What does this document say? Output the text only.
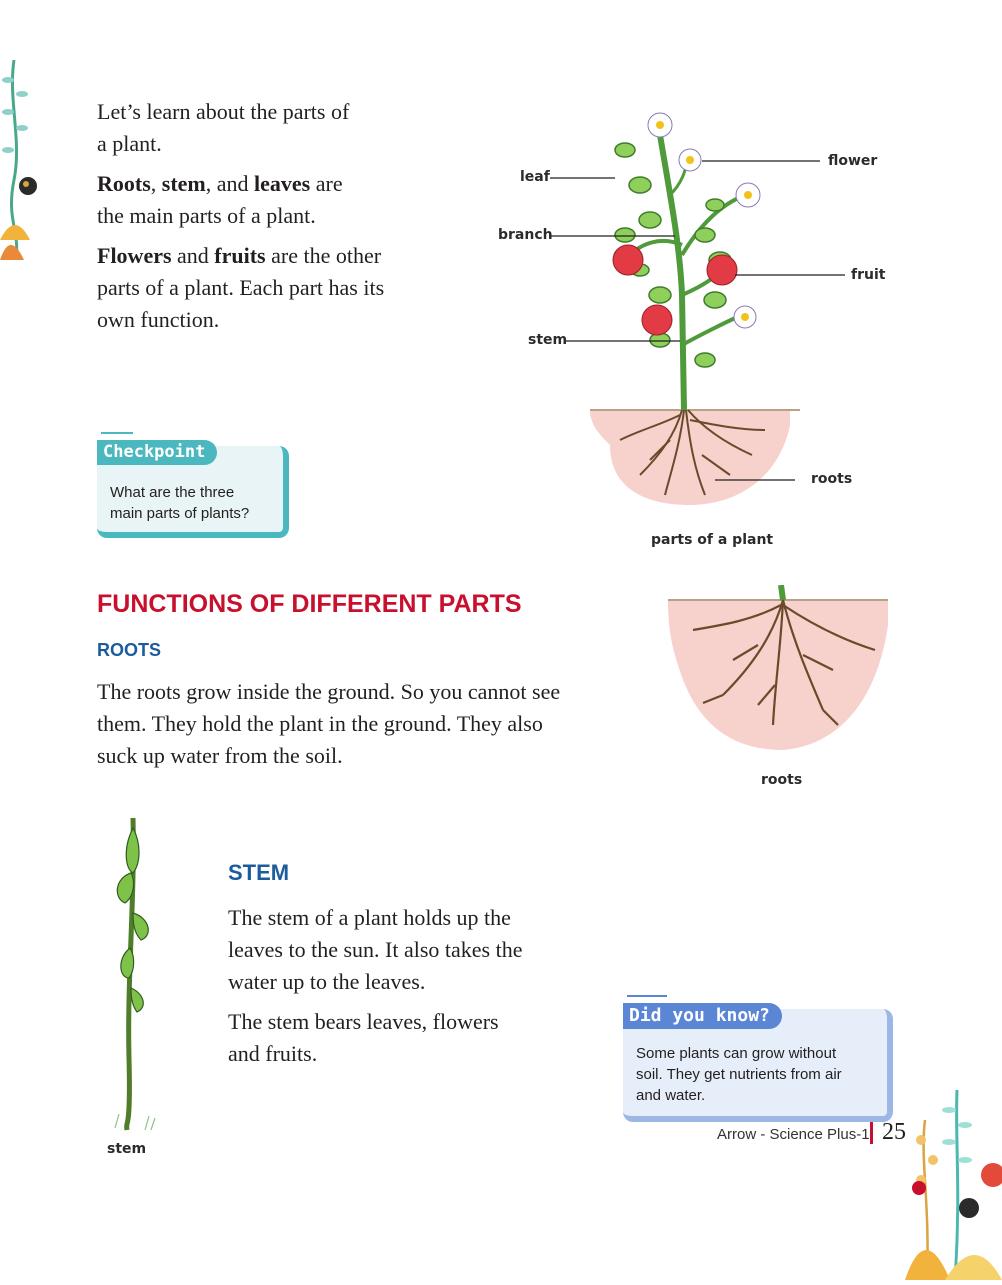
Let’s learn about the parts of
a plant.

Roots, stem, and leaves are
the main parts of a plant.

Flowers and fruits are the other
parts of a plant. Each part has its
own function.

leaf
branch
stem
flower
fruit
roots
parts of a plant
Checkpoint
What are the three
main parts of plants?
FUNCTIONS OF DIFFERENT PARTS
ROOTS
The roots grow inside the ground. So you cannot see
them. They hold the plant in the ground. They also
suck up water from the soil.
roots
stem
STEM

The stem of a plant holds up the
leaves to the sun. It also takes the
water up to the leaves.

The stem bears leaves, flowers
and fruits.

Did you know?
Some plants can grow without
soil. They get nutrients from air
and water.
Arrow - Science Plus-1 25
